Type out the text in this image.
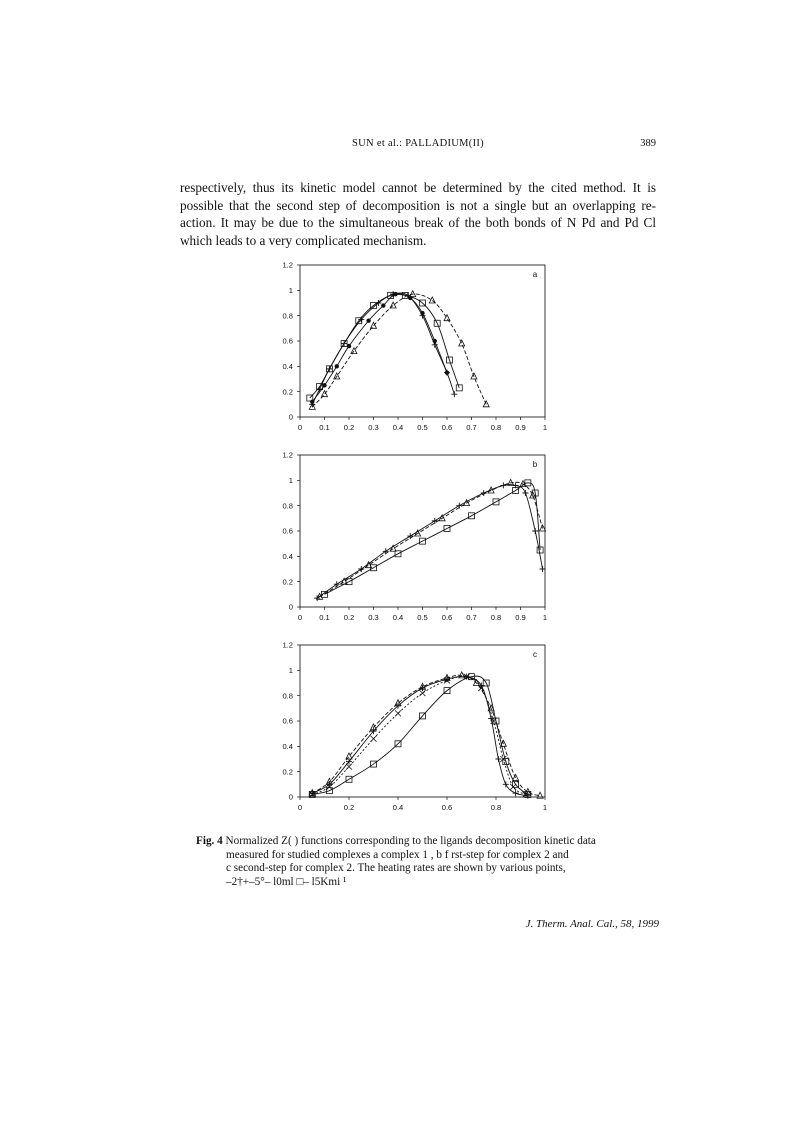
SUN et al.: PALLADIUM(II)	389

respectively, thus its kinetic model cannot be determined by the cited method. It is possible that the second step of decomposition is not a single but an overlapping re-action. It may be due to the simultaneous break of the both bonds of N Pd and Pd Cl which leads to a very complicated mechanism.

0
0.2
0.4
0.6
0.8
1
1.2
0 0.1 0.2 0.3 0.4 0.5 0.6 0.7 0.8 0.9 1
a
0
0.2
0.4
0.6
0.8
1
1.2
0 0.1 0.2 0.3 0.4 0.5 0.6 0.7 0.8 0.9 1
b
0
0.2
0.4
0.6
0.8
1
1.2
0	0.2	0.4	0.6	0.8	1
c

Fig. 4 Normalized Z( ) functions corresponding to the ligands decomposition kinetic data
measured for studied complexes a complex 1 , b f rst-step for complex 2 and
c second-step for complex 2. The heating rates are shown by various points,
–2†+–5°– l0ml □– l5Kmi ¹

J. Therm. Anal. Cal., 58, 1999
